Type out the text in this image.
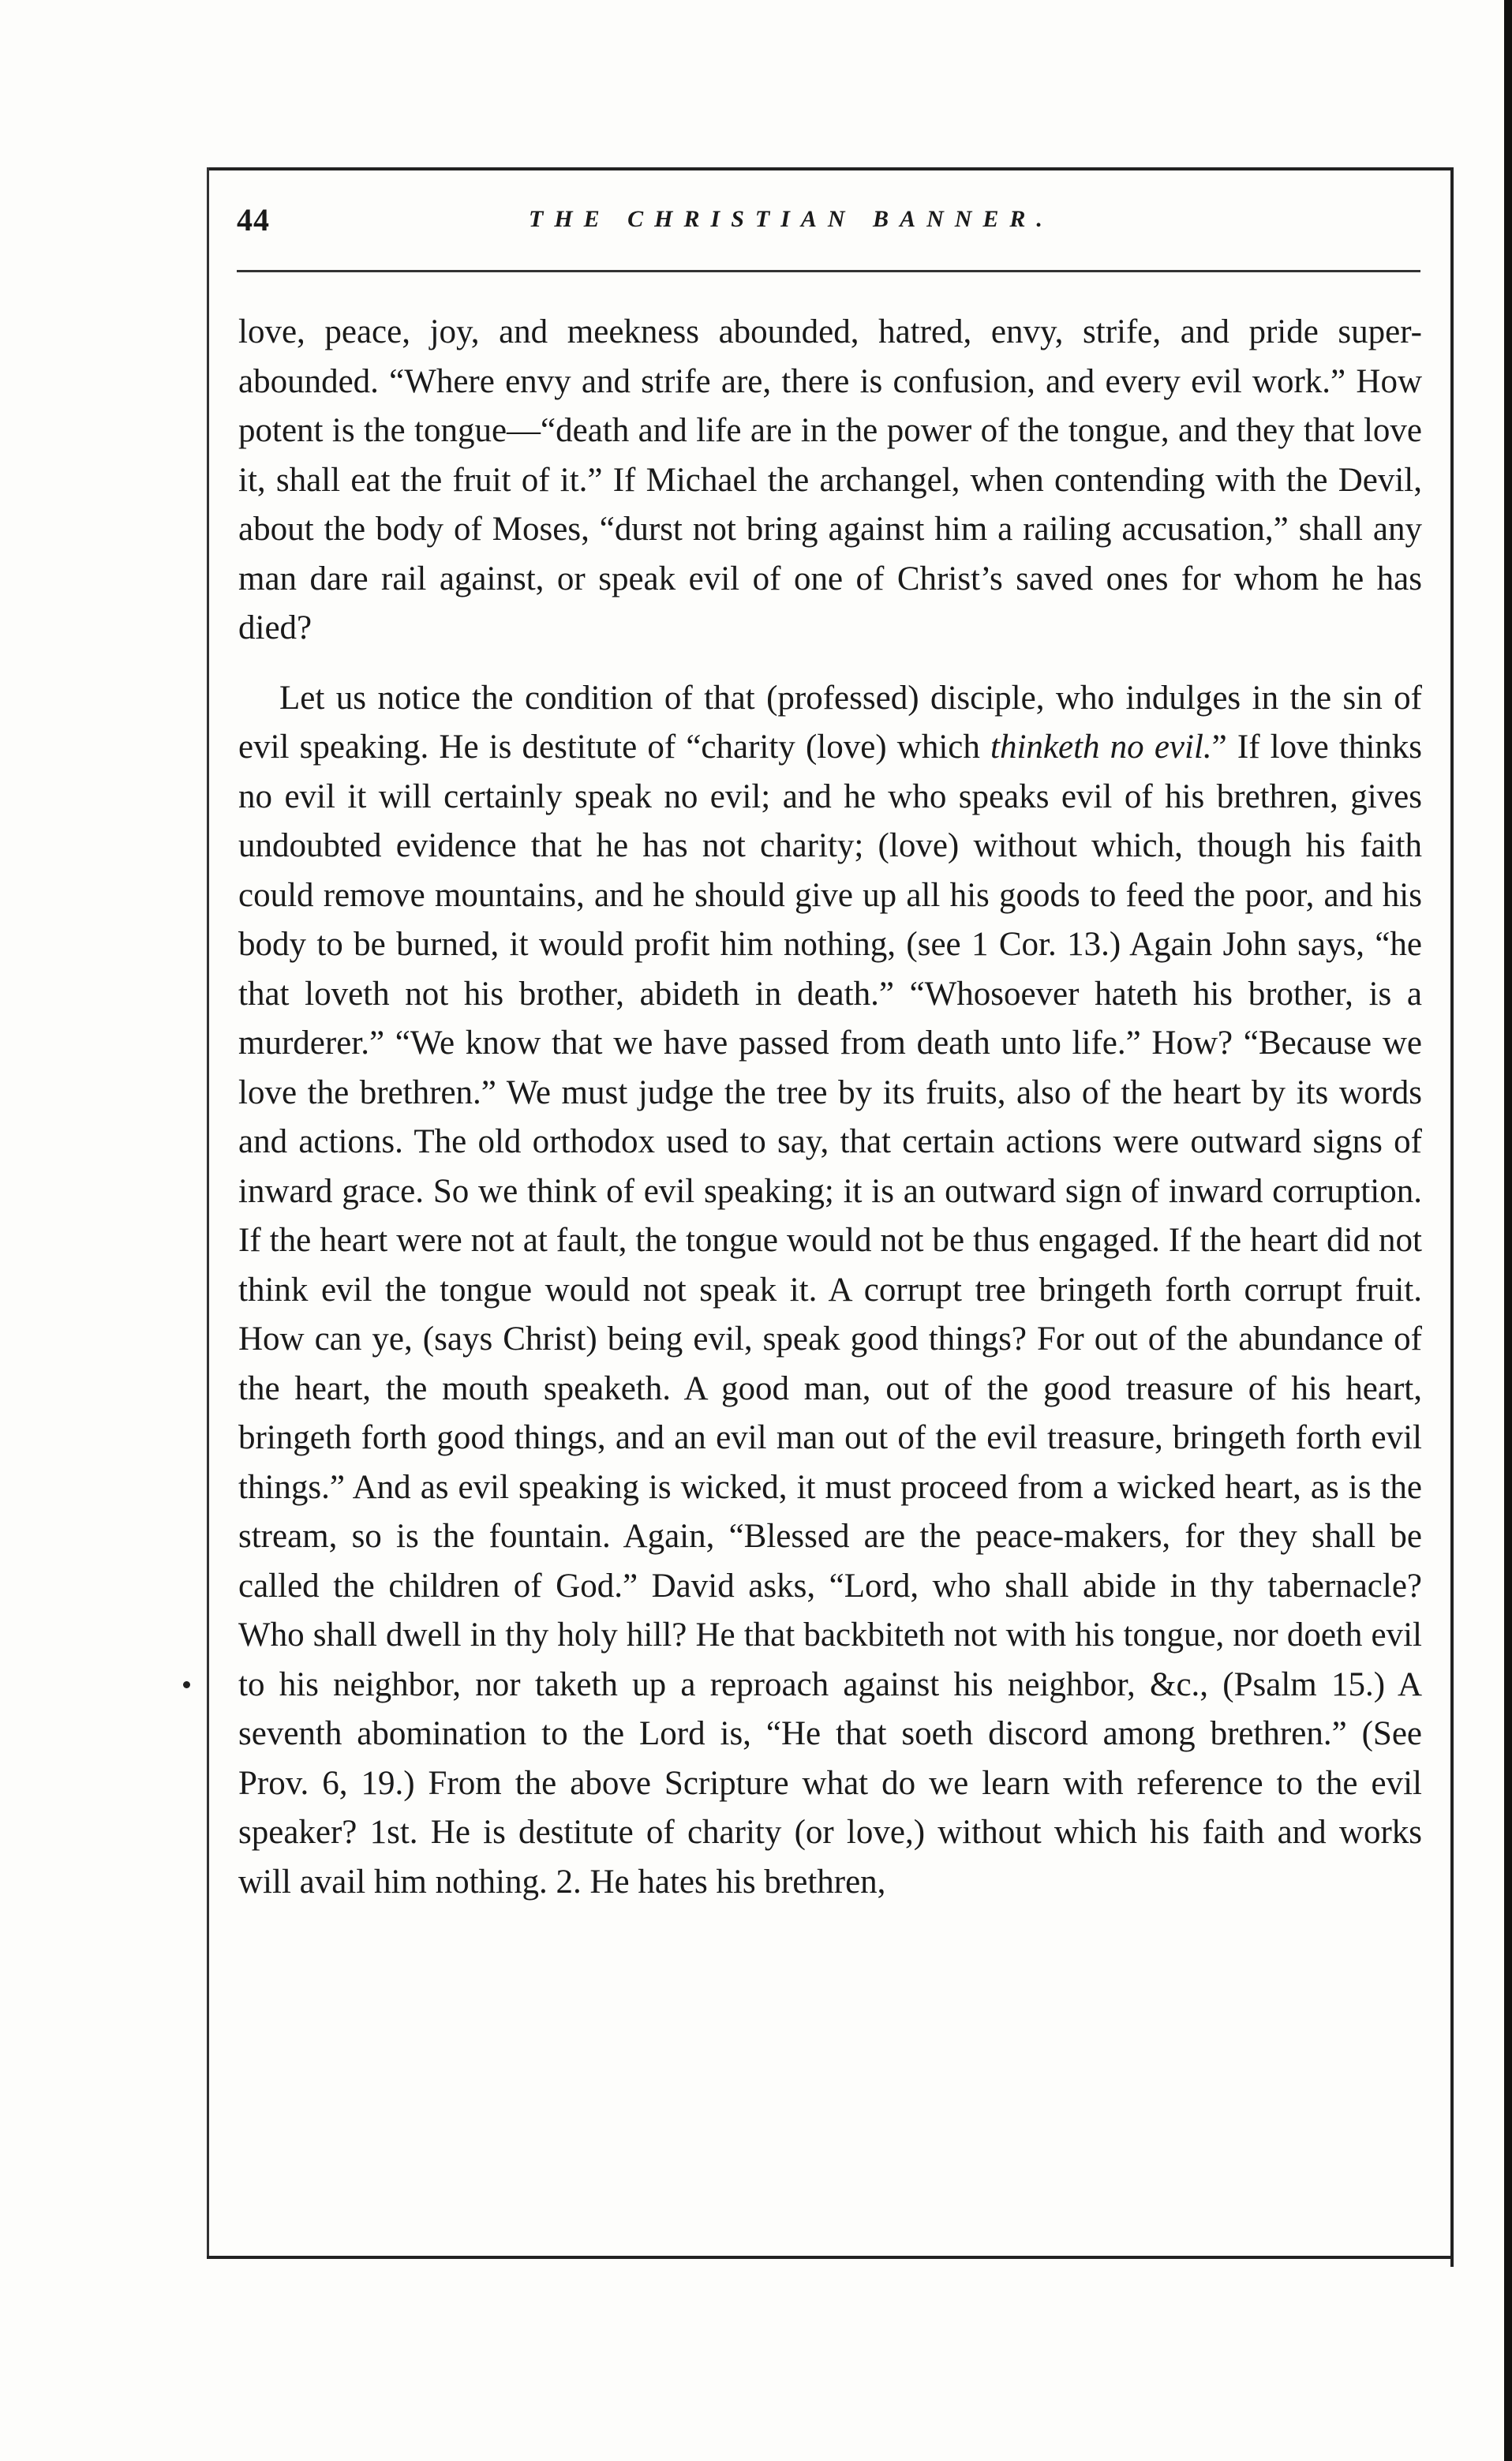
44	THE CHRISTIAN BANNER.

love, peace, joy, and meekness abounded, hatred, envy, strife, and pride super-abounded. “Where envy and strife are, there is confusion, and every evil work.” How potent is the tongue—“death and life are in the power of the tongue, and they that love it, shall eat the fruit of it.” If Michael the archangel, when contending with the Devil, about the body of Moses, “durst not bring against him a railing accusation,” shall any man dare rail against, or speak evil of one of Christ’s saved ones for whom he has died?

Let us notice the condition of that (professed) disciple, who indulges in the sin of evil speaking. He is destitute of “charity (love) which thinketh no evil.” If love thinks no evil it will certainly speak no evil; and he who speaks evil of his brethren, gives undoubted evidence that he has not charity; (love) without which, though his faith could remove mountains, and he should give up all his goods to feed the poor, and his body to be burned, it would profit him nothing, (see 1 Cor. 13.) Again John says, “he that loveth not his brother, abideth in death.” “Whosoever hateth his brother, is a murderer.” “We know that we have passed from death unto life.” How? “Because we love the brethren.” We must judge the tree by its fruits, also of the heart by its words and actions. The old orthodox used to say, that certain actions were outward signs of inward grace. So we think of evil speaking; it is an outward sign of inward corruption. If the heart were not at fault, the tongue would not be thus engaged. If the heart did not think evil the tongue would not speak it. A corrupt tree bringeth forth corrupt fruit. How can ye, (says Christ) being evil, speak good things? For out of the abundance of the heart, the mouth speaketh. A good man, out of the good treasure of his heart, bringeth forth good things, and an evil man out of the evil treasure, bringeth forth evil things.” And as evil speaking is wicked, it must proceed from a wicked heart, as is the stream, so is the fountain. Again, “Blessed are the peace-makers, for they shall be called the children of God.” David asks, “Lord, who shall abide in thy tabernacle? Who shall dwell in thy holy hill? He that backbiteth not with his tongue, nor doeth evil to his neighbor, nor taketh up a reproach against his neighbor, &c., (Psalm 15.) A seventh abomination to the Lord is, “He that soeth discord among brethren.” (See Prov. 6, 19.) From the above Scripture what do we learn with reference to the evil speaker? 1st. He is destitute of charity (or love,) without which his faith and works will avail him nothing. 2. He hates his brethren,
